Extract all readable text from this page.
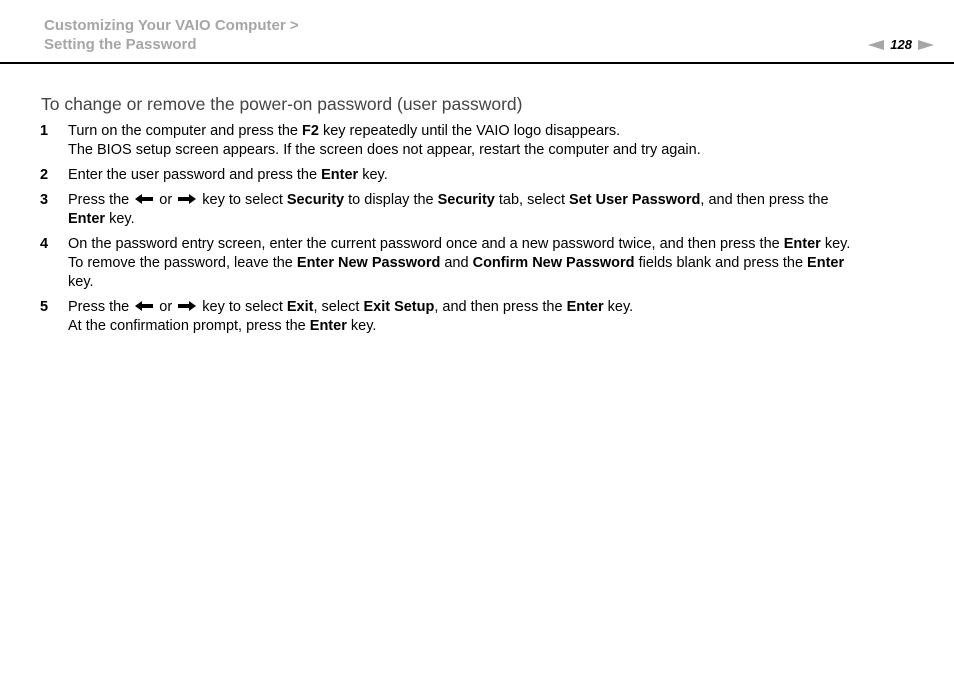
Customizing Your VAIO Computer >
Setting the Password	128
To change or remove the power-on password (user password)
1	Turn on the computer and press the F2 key repeatedly until the VAIO logo disappears.
The BIOS setup screen appears. If the screen does not appear, restart the computer and try again.
2	Enter the user password and press the Enter key.
3	Press the
or
key to select Security to display the Security tab, select Set User Password, and then press the
Enter key.
4	On the password entry screen, enter the current password once and a new password twice, and then press the Enter key.
To remove the password, leave the Enter New Password and Confirm New Password fields blank and press the Enter
key.
5	Press the
or
key to select Exit, select Exit Setup, and then press the Enter key.
At the confirmation prompt, press the Enter key.
